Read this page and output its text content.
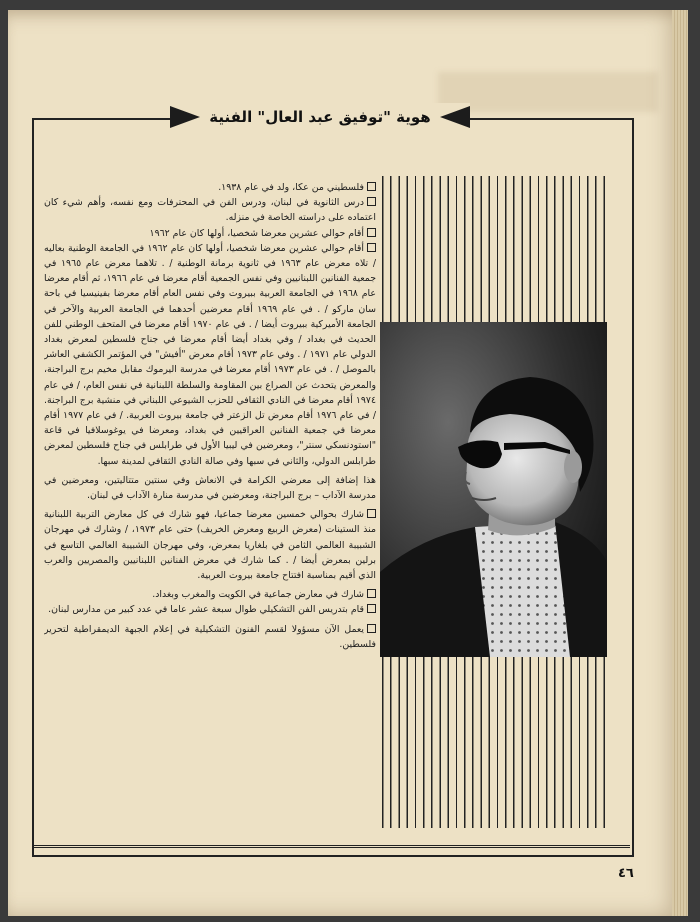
هوية "توفيق عبد العال" الفنية

فلسطيني من عكا، ولد في عام ١٩٣٨.

درس الثانوية في لبنان، ودرس الفن في المحترفات ومع نفسه، وأهم شيء كان اعتماده على دراسته الخاصة في منزله.

أقام حوالي عشرين معرضا شخصيا، أولها كان عام ١٩٦٢

أقام حوالي عشرين معرضا شخصيا، أولها كان عام ١٩٦٢ في الجامعة الوطنية بعاليه / تلاه معرض عام ١٩٦٣ في ثانوية برمانة الوطنية / . تلاهما معرض عام ١٩٦٥ في جمعية الفنانين اللبنانيين وفي نفس الجمعية أقام معرضا في عام ١٩٦٦، ثم أقام معرضا عام ١٩٦٨ في الجامعة العربية ببيروت وفي نفس العام أقام معرضا بفينيسيا في باحة سان ماركو / . في عام ١٩٦٩ أقام معرضين أحدهما في الجامعة العربية والآخر في الجامعة الأميركية ببيروت أيضا / . في عام ١٩٧٠ أقام معرضا في المتحف الوطني للفن الحديث في بغداد / وفي بغداد أيضا أقام معرضا في جناح فلسطين لمعرض بغداد الدولي عام ١٩٧١ / . وفي عام ١٩٧٣ أقام معرض "أفيش" في المؤتمر الكشفي العاشر بالموصل / . في عام ١٩٧٣ أقام معرضا في مدرسة اليرموك مقابل مخيم برج البراجنة، والمعرض يتحدث عن الصراع بين المقاومة والسلطة اللبنانية في نفس العام، / في عام ١٩٧٤ أقام معرضا في النادي الثقافي للحزب الشيوعي اللبناني في منشية برج البراجنة. / في عام ١٩٧٦ أقام معرض تل الزعتر في جامعة بيروت العربية. / في عام ١٩٧٧ أقام معرضا في جمعية الفنانين العراقيين في بغداد، ومعرضا في يوغوسلافيا في قاعة "استودنسكي سنتر"، ومعرضين في ليبيا الأول في طرابلس في جناح فلسطين لمعرض طرابلس الدولي، والثاني في سبها وفي صالة النادي الثقافي لمدينة سبها.

هذا إضافة إلى معرضي الكرامة في الانعاش وفي سنتين متتاليتين، ومعرضين في مدرسة الآداب – برج البراجنة، ومعرضين في مدرسة منارة الآداب في لبنان.

شارك بحوالي خمسين معرضا جماعيا، فهو شارك في كل معارض التربية اللبنانية منذ الستينات (معرض الربيع ومعرض الخريف) حتى عام ١٩٧٣، / وشارك في مهرجان الشبيبة العالمي الثامن في بلغاريا بمعرض، وفي مهرجان الشبيبة العالمي التاسع في برلين بمعرض أيضا / . كما شارك في معرض الفنانين اللبنانيين والمصريين والعرب الذي أقيم بمناسبة افتتاح جامعة بيروت العربية.

شارك في معارض جماعية في الكويت والمغرب وبغداد.

قام بتدريس الفن التشكيلي طوال سبعة عشر عاما في عدد كبير من مدارس لبنان.

يعمل الآن مسؤولا لقسم الفنون التشكيلية في إعلام الجبهة الديمقراطية لتحرير فلسطين.

٤٦
